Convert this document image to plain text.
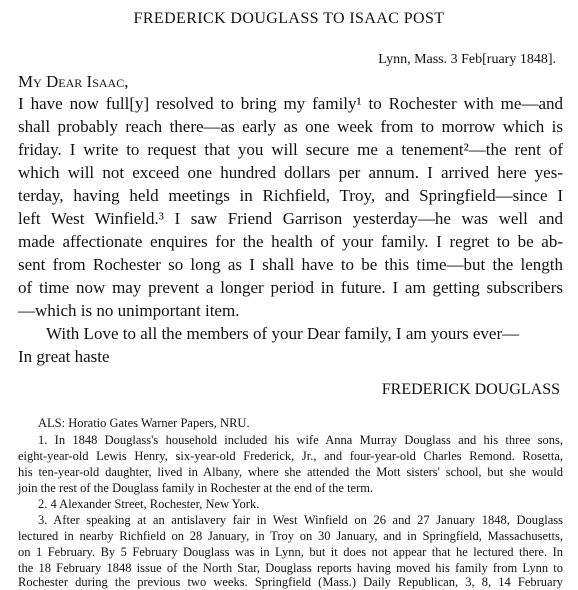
FREDERICK DOUGLASS TO ISAAC POST
Lynn, Mass. 3 Feb[ruary 1848].
My Dear Isaac,
I have now full[y] resolved to bring my family¹ to Rochester with me—and
shall probably reach there—as early as one week from to morrow which is
friday. I write to request that you will secure me a tenement²—the rent of
which will not exceed one hundred dollars per annum. I arrived here yes-
terday, having held meetings in Richfield, Troy, and Springfield—since I
left West Winfield.³ I saw Friend Garrison yesterday—he was well and
made affectionate enquires for the health of your family. I regret to be ab-
sent from Rochester so long as I shall have to be this time—but the length
of time now may prevent a longer period in future. I am getting subscribers
—which is no unimportant item.
With Love to all the members of your Dear family, I am yours ever—
In great haste
FREDERICK DOUGLASS
ALS: Horatio Gates Warner Papers, NRU.
1. In 1848 Douglass's household included his wife Anna Murray Douglass and his three sons,
eight-year-old Lewis Henry, six-year-old Frederick, Jr., and four-year-old Charles Remond. Rosetta,
his ten-year-old daughter, lived in Albany, where she attended the Mott sisters' school, but she would
join the rest of the Douglass family in Rochester at the end of the term.
2. 4 Alexander Street, Rochester, New York.
3. After speaking at an antislavery fair in West Winfield on 26 and 27 January 1848, Douglass
lectured in nearby Richfield on 28 January, in Troy on 30 January, and in Springfield, Massachusetts,
on 1 February. By 5 February Douglass was in Lynn, but it does not appear that he lectured there. In
the 18 February 1848 issue of the North Star, Douglass reports having moved his family from Lynn to
Rochester during the previous two weeks. Springfield (Mass.) Daily Republican, 3, 8, 14 February
